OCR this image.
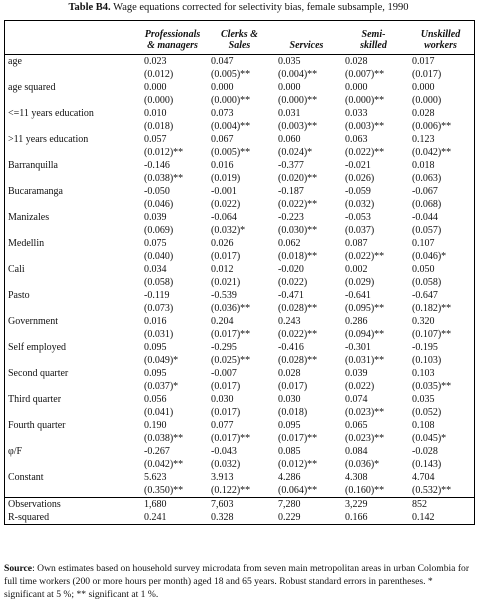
Table B4. Wage equations corrected for selectivity bias, female subsample, 1990

	Professionals
& managers	Clerks &
Sales	Services	Semi-
skilled	Unskilled
workers

age	0.023	0.047	0.035	0.028	0.017
	(0.012)	(0.005)**	(0.004)**	(0.007)**	(0.017)
age squared	0.000	0.000	0.000	0.000	0.000
	(0.000)	(0.000)**	(0.000)**	(0.000)**	(0.000)
<=11 years education	0.010	0.073	0.031	0.033	0.028
	(0.018)	(0.004)**	(0.003)**	(0.003)**	(0.006)**
>11 years education	0.057	0.067	0.060	0.063	0.123
	(0.012)**	(0.005)**	(0.024)*	(0.022)**	(0.042)**
Barranquilla	-0.146	0.016	-0.377	-0.021	0.018
	(0.038)**	(0.019)	(0.020)**	(0.026)	(0.063)
Bucaramanga	-0.050	-0.001	-0.187	-0.059	-0.067
	(0.046)	(0.022)	(0.022)**	(0.032)	(0.068)
Manizales	0.039	-0.064	-0.223	-0.053	-0.044
	(0.069)	(0.032)*	(0.030)**	(0.037)	(0.057)
Medellin	0.075	0.026	0.062	0.087	0.107
	(0.040)	(0.017)	(0.018)**	(0.022)**	(0.046)*
Cali	0.034	0.012	-0.020	0.002	0.050
	(0.058)	(0.021)	(0.022)	(0.029)	(0.058)
Pasto	-0.119	-0.539	-0.471	-0.641	-0.647
	(0.073)	(0.036)**	(0.028)**	(0.095)**	(0.182)**
Government	0.016	0.204	0.243	0.286	0.320
	(0.031)	(0.017)**	(0.022)**	(0.094)**	(0.107)**
Self employed	0.095	-0.295	-0.416	-0.301	-0.195
	(0.049)*	(0.025)**	(0.028)**	(0.031)**	(0.103)
Second quarter	0.095	-0.007	0.028	0.039	0.103
	(0.037)*	(0.017)	(0.017)	(0.022)	(0.035)**
Third quarter	0.056	0.030	0.030	0.074	0.035
	(0.041)	(0.017)	(0.018)	(0.023)**	(0.052)
Fourth quarter	0.190	0.077	0.095	0.065	0.108
	(0.038)**	(0.017)**	(0.017)**	(0.023)**	(0.045)*
φ/F	-0.267	-0.043	0.085	0.084	-0.028
	(0.042)**	(0.032)	(0.012)**	(0.036)*	(0.143)
Constant	5.623	3.913	4.286	4.308	4.704
	(0.350)**	(0.122)**	(0.064)**	(0.160)**	(0.532)**
Observations	1,680	7,603	7,280	3,229	852
R-squared	0.241	0.328	0.229	0.166	0.142
Source: Own estimates based on household survey microdata from seven main metropolitan areas in urban Colombia for full time workers (200 or more hours per month) aged 18 and 65 years. Robust standard errors in parentheses. * significant at 5 %; ** significant at 1 %.
